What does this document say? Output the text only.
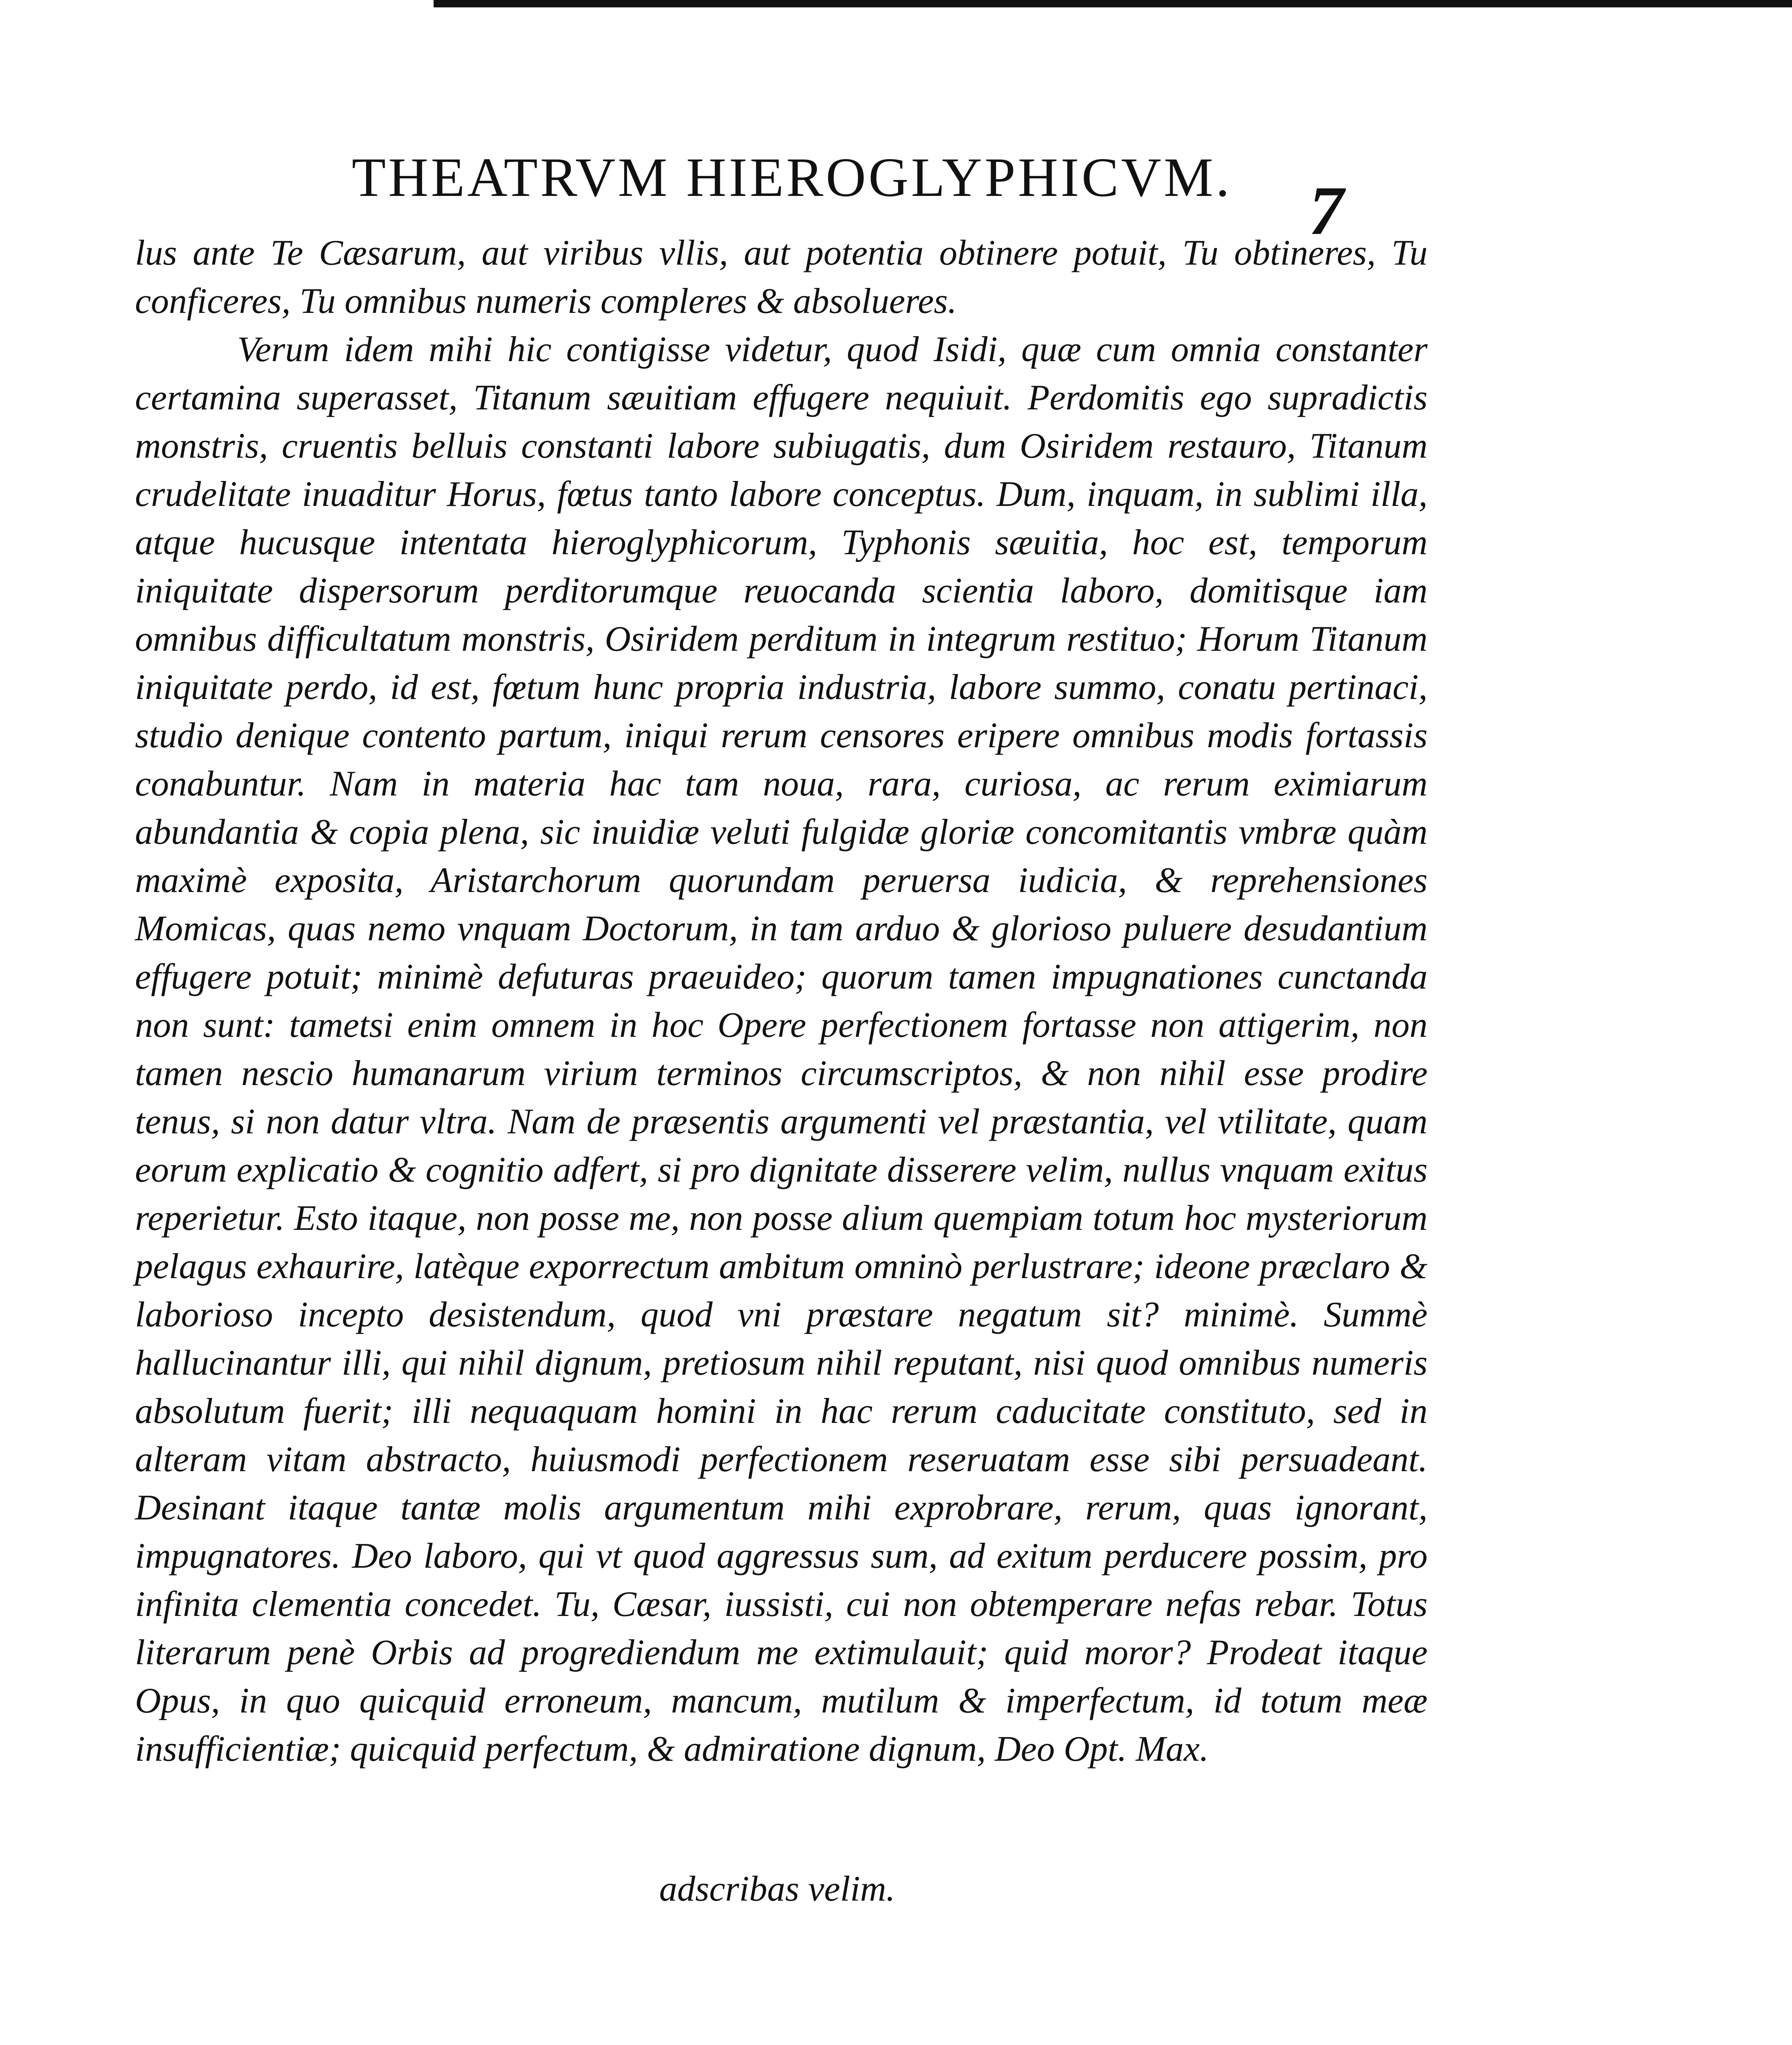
THEATRVM HIEROGLYPHICVM.	7

lus ante Te Cæsarum, aut viribus vllis, aut potentia obtinere potuit, Tu obtineres, Tu conficeres, Tu omnibus numeris compleres & absolueres.

Verum idem mihi hic contigisse videtur, quod Isidi, quæ cum omnia constanter certamina superasset, Titanum sæuitiam effugere nequiuit. Perdomitis ego supradictis monstris, cruentis belluis constanti labore subiugatis, dum Osiridem restauro, Titanum crudelitate inuaditur Horus, fœtus tanto labore conceptus. Dum, inquam, in sublimi illa, atque hucusque intentata hieroglyphicorum, Typhonis sæuitia, hoc est, temporum iniquitate dispersorum perditorumque reuocanda scientia laboro, domitisque iam omnibus difficultatum monstris, Osiridem perditum in integrum restituo; Horum Titanum iniquitate perdo, id est, fœtum hunc propria industria, labore summo, conatu pertinaci, studio denique contento partum, iniqui rerum censores eripere omnibus modis fortassis conabuntur. Nam in materia hac tam noua, rara, curiosa, ac rerum eximiarum abundantia & copia plena, sic inuidiæ veluti fulgidæ gloriæ concomitantis vmbræ quàm maximè exposita, Aristarchorum quorundam peruersa iudicia, & reprehensiones Momicas, quas nemo vnquam Doctorum, in tam arduo & glorioso puluere desudantium effugere potuit; minimè defuturas praeuideo; quorum tamen impugnationes cunctanda non sunt: tametsi enim omnem in hoc Opere perfectionem fortasse non attigerim, non tamen nescio humanarum virium terminos circumscriptos, & non nihil esse prodire tenus, si non datur vltra. Nam de præsentis argumenti vel præstantia, vel vtilitate, quam eorum explicatio & cognitio adfert, si pro dignitate disserere velim, nullus vnquam exitus reperietur. Esto itaque, non posse me, non posse alium quempiam totum hoc mysteriorum pelagus exhaurire, latèque exporrectum ambitum omninò perlustrare; ideone præclaro & laborioso incepto desistendum, quod vni præstare negatum sit? minimè. Summè hallucinantur illi, qui nihil dignum, pretiosum nihil reputant, nisi quod omnibus numeris absolutum fuerit; illi nequaquam homini in hac rerum caducitate constituto, sed in alteram vitam abstracto, huiusmodi perfectionem reseruatam esse sibi persuadeant. Desinant itaque tantæ molis argumentum mihi exprobrare, rerum, quas ignorant, impugnatores. Deo laboro, qui vt quod aggressus sum, ad exitum perducere possim, pro infinita clementia concedet. Tu, Cæsar, iussisti, cui non obtemperare nefas rebar. Totus literarum penè Orbis ad progrediendum me extimulauit; quid moror? Prodeat itaque Opus, in quo quicquid erroneum, mancum, mutilum & imperfectum, id totum meæ insufficientiæ; quicquid perfectum, & admiratione dignum, Deo Opt. Max.

adscribas velim.
